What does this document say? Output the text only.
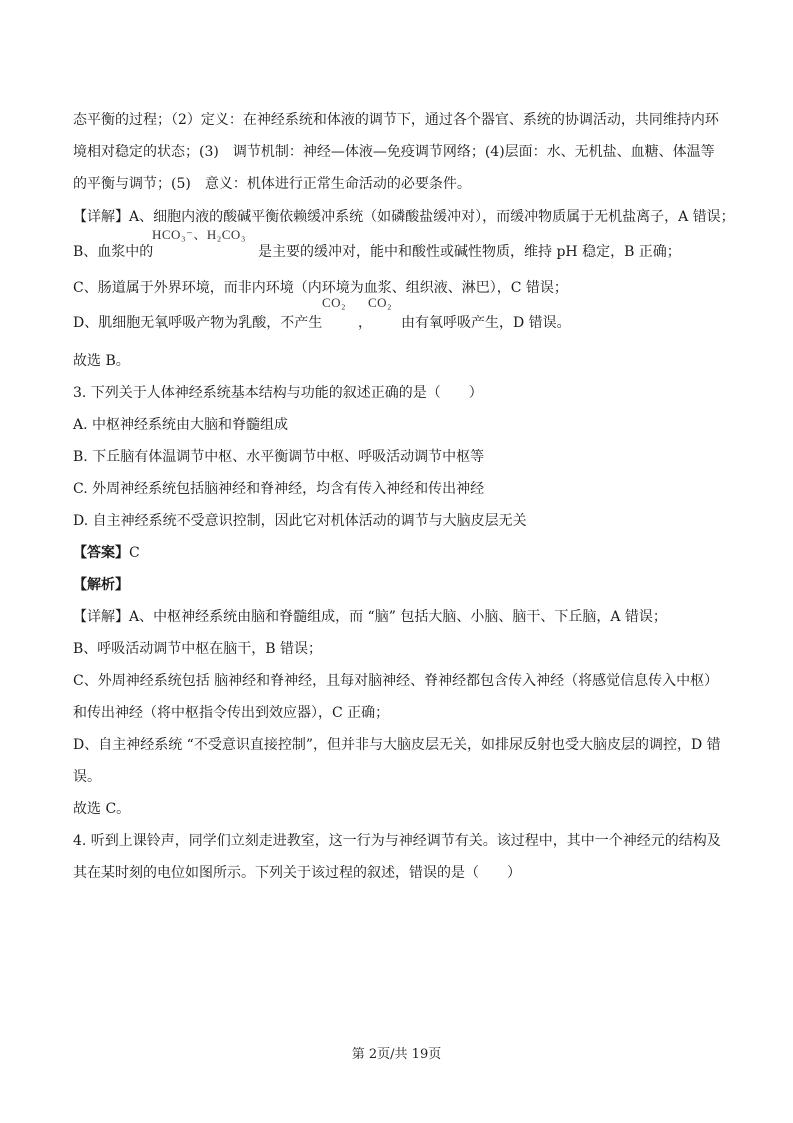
态平衡的过程；（2）定义：在神经系统和体液的调节下，通过各个器官、系统的协调活动，共同维持内环
境相对稳定的状态；(3)　调节机制：神经—体液—免疫调节网络；(4)层面：水、无机盐、血糖、体温等
的平衡与调节；(5)　意义：机体进行正常生命活动的必要条件。
【详解】A、细胞内液的酸碱平衡依赖缓冲系统（如磷酸盐缓冲对），而缓冲物质属于无机盐离子，A 错误；
HCO₃⁻、H₂CO₃
B、血浆中的	是主要的缓冲对，能中和酸性或碱性物质，维持 pH 稳定，B 正确；
C、肠道属于外界环境，而非内环境（内环境为血浆、组织液、淋巴），C 错误；
CO₂ CO₂
D、肌细胞无氧呼吸产物为乳酸，不产生	， 由有氧呼吸产生，D 错误。
故选 B。
3. 下列关于人体神经系统基本结构与功能的叙述正确的是（　　）
A. 中枢神经系统由大脑和脊髓组成
B. 下丘脑有体温调节中枢、水平衡调节中枢、呼吸活动调节中枢等
C. 外周神经系统包括脑神经和脊神经，均含有传入神经和传出神经
D. 自主神经系统不受意识控制，因此它对机体活动的调节与大脑皮层无关
【答案】C
【解析】
【详解】A、中枢神经系统由脑和脊髓组成，而 “脑” 包括大脑、小脑、脑干、下丘脑，A 错误；
B、呼吸活动调节中枢在脑干，B 错误；
C、外周神经系统包括 脑神经和脊神经，且每对脑神经、脊神经都包含传入神经（将感觉信息传入中枢）
和传出神经（将中枢指令传出到效应器），C 正确；
D、自主神经系统 “不受意识直接控制”，但并非与大脑皮层无关，如排尿反射也受大脑皮层的调控，D 错
误。
故选 C。
4. 听到上课铃声，同学们立刻走进教室，这一行为与神经调节有关。该过程中，其中一个神经元的结构及
其在某时刻的电位如图所示。下列关于该过程的叙述，错误的是（　　）
第 2页/共 19页
